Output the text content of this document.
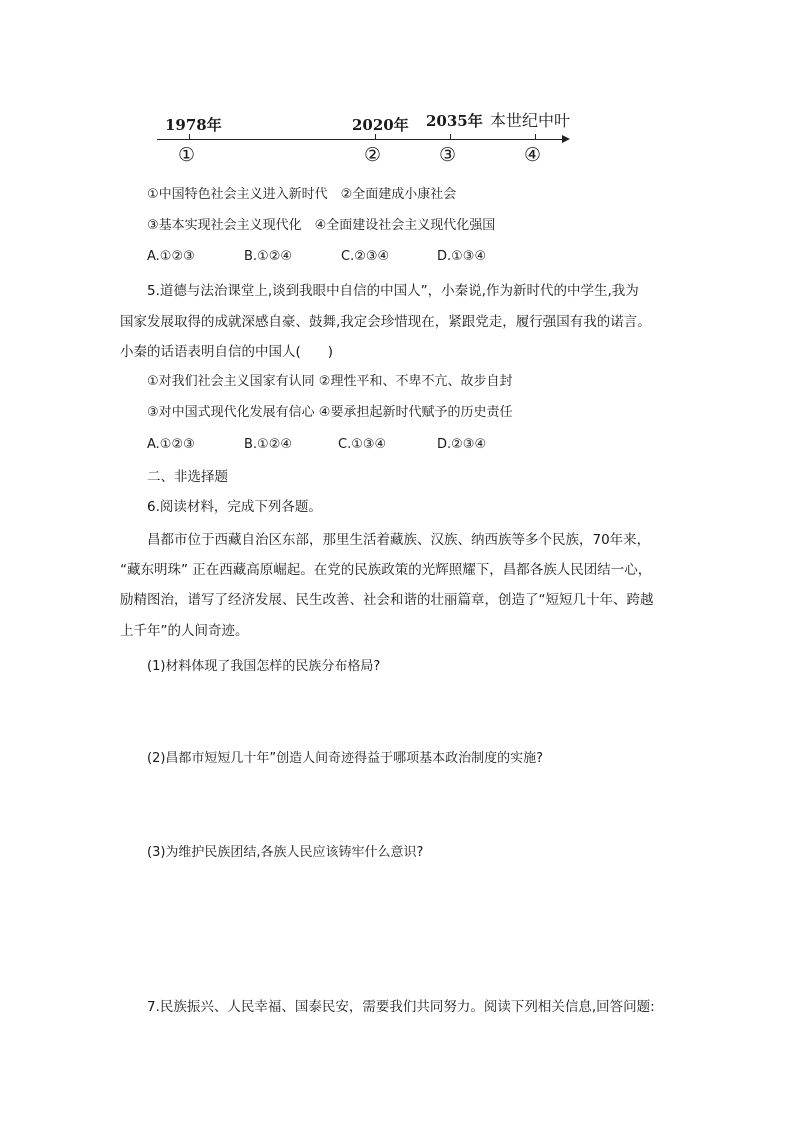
1978年	2020年 2035年 本世纪中叶
①	②	③	④
①中国特色社会主义进入新时代　②全面建成小康社会
③基本实现社会主义现代化　④全面建设社会主义现代化强国
A.①②③	B.①②④	C.②③④	D.①③④
5.道德与法治课堂上,谈到我眼中自信的中国人”，小秦说,作为新时代的中学生,我为
国家发展取得的成就深感自豪、鼓舞,我定会珍惜现在，紧跟党走，履行强国有我的诺言。
小秦的话语表明自信的中国人(　　)
①对我们社会主义国家有认同 ②理性平和、不卑不亢、故步自封
③对中国式现代化发展有信心 ④要承担起新时代赋予的历史责任
A.①②③	B.①②④	C.①③④	D.②③④
二、非选择题
6.阅读材料，完成下列各题。
昌都市位于西藏自治区东部，那里生活着藏族、汉族、纳西族等多个民族，70年来，
“藏东明珠” 正在西藏高原崛起。在党的民族政策的光辉照耀下，昌都各族人民团结一心，
励精图治，谱写了经济发展、民生改善、社会和谐的壮丽篇章，创造了“短短几十年、跨越
上千年”的人间奇迹。
(1)材料体现了我国怎样的民族分布格局?
(2)昌都市短短几十年”创造人间奇迹得益于哪项基本政治制度的实施?
(3)为维护民族团结,各族人民应该铸牢什么意识?
7.民族振兴、人民幸福、国泰民安，需要我们共同努力。阅读下列相关信息,回答问题:
